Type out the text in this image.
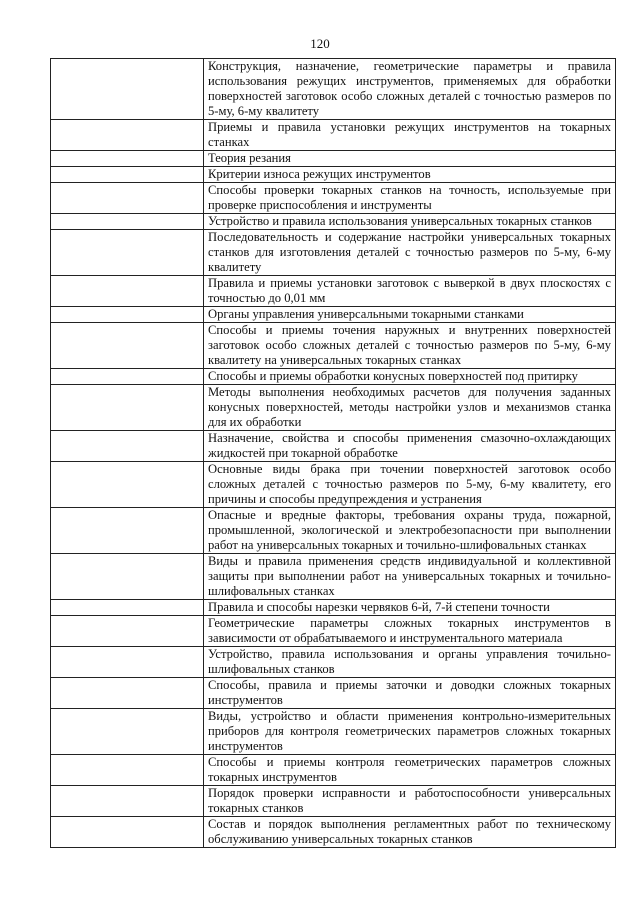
120
	Конструкция, назначение, геометрические параметры и правила использования режущих инструментов, применяемых для обработки поверхностей заготовок особо сложных деталей с точностью размеров по 5-му, 6-му квалитету
	Приемы и правила установки режущих инструментов на токарных станках
	Теория резания
	Критерии износа режущих инструментов
	Способы проверки токарных станков на точность, используемые при проверке приспособления и инструменты
	Устройство и правила использования универсальных токарных станков
	Последовательность и содержание настройки универсальных токарных станков для изготовления деталей с точностью размеров по 5-му, 6-му квалитету
	Правила и приемы установки заготовок с выверкой в двух плоскостях с точностью до 0,01 мм
	Органы управления универсальными токарными станками
	Способы и приемы точения наружных и внутренних поверхностей заготовок особо сложных деталей с точностью размеров по 5-му, 6-му квалитету на универсальных токарных станках
	Способы и приемы обработки конусных поверхностей под притирку
	Методы выполнения необходимых расчетов для получения заданных конусных поверхностей, методы настройки узлов и механизмов станка для их обработки
	Назначение, свойства и способы применения смазочно-охлаждающих жидкостей при токарной обработке
	Основные виды брака при точении поверхностей заготовок особо сложных деталей с точностью размеров по 5-му, 6-му квалитету, его причины и способы предупреждения и устранения
	Опасные и вредные факторы, требования охраны труда, пожарной, промышленной, экологической и электробезопасности при выполнении работ на универсальных токарных и точильно-шлифовальных станках
	Виды и правила применения средств индивидуальной и коллективной защиты при выполнении работ на универсальных токарных и точильно-шлифовальных станках
	Правила и способы нарезки червяков 6-й, 7-й степени точности
	Геометрические параметры сложных токарных инструментов в зависимости от обрабатываемого и инструментального материала
	Устройство, правила использования и органы управления точильно-шлифовальных станков
	Способы, правила и приемы заточки и доводки сложных токарных инструментов
	Виды, устройство и области применения контрольно-измерительных приборов для контроля геометрических параметров сложных токарных инструментов
	Способы и приемы контроля геометрических параметров сложных токарных инструментов
	Порядок проверки исправности и работоспособности универсальных токарных станков
	Состав и порядок выполнения регламентных работ по техническому обслуживанию универсальных токарных станков
